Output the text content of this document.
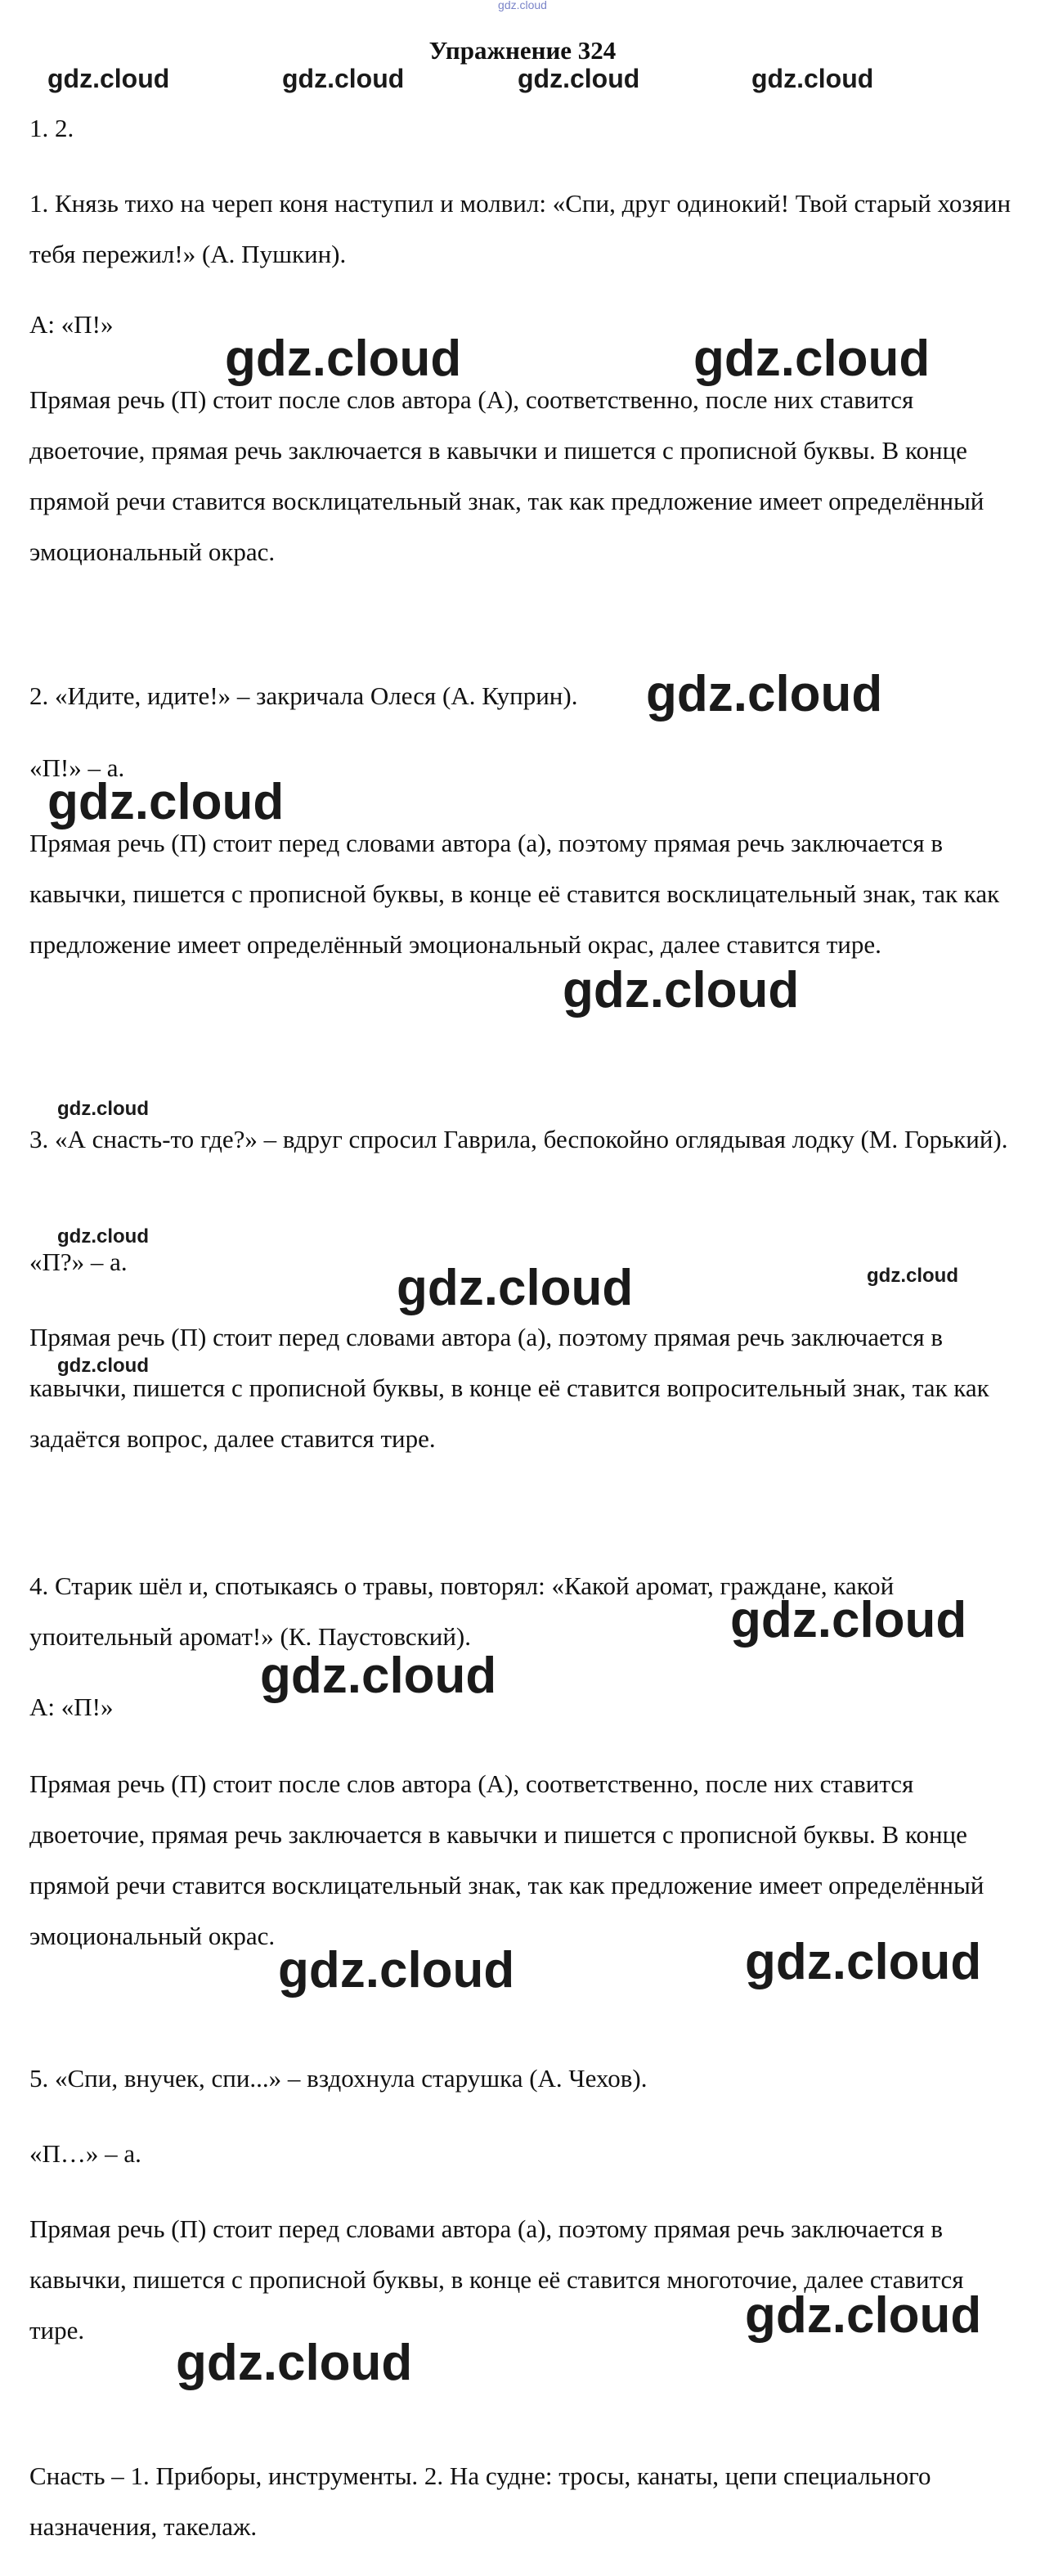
gdz.cloud
Упражнение 324
gdz.cloud	gdz.cloud	gdz.cloud	gdz.cloud
1. 2.
1. Князь тихо на череп коня наступил и молвил: «Спи, друг одинокий! Твой старый хозяин тебя пережил!» (А. Пушкин).
А: «П!»
Прямая речь (П) стоит после слов автора (А), соответственно, после них ставится двоеточие, прямая речь заключается в кавычки и пишется с прописной буквы. В конце прямой речи ставится восклицательный знак, так как предложение имеет определённый эмоциональный окрас.
2. «Идите, идите!» – закричала Олеся (А. Куприн).
«П!» – а.
Прямая речь (П) стоит перед словами автора (а), поэтому прямая речь заключается в кавычки, пишется с прописной буквы, в конце её ставится восклицательный знак, так как предложение имеет определённый эмоциональный окрас, далее ставится тире.
3. «А снасть-то где?» – вдруг спросил Гаврила, беспокойно оглядывая лодку (М. Горький).
«П?» – а.
Прямая речь (П) стоит перед словами автора (а), поэтому прямая речь заключается в кавычки, пишется с прописной буквы, в конце её ставится вопросительный знак, так как задаётся вопрос, далее ставится тире.
4. Старик шёл и, спотыкаясь о травы, повторял: «Какой аромат, граждане, какой упоительный аромат!» (К. Паустовский).
А: «П!»
Прямая речь (П) стоит после слов автора (А), соответственно, после них ставится двоеточие, прямая речь заключается в кавычки и пишется с прописной буквы. В конце прямой речи ставится восклицательный знак, так как предложение имеет определённый эмоциональный окрас.
5. «Спи, внучек, спи...» – вздохнула старушка (А. Чехов).
«П…» – а.
Прямая речь (П) стоит перед словами автора (а), поэтому прямая речь заключается в кавычки, пишется с прописной буквы, в конце её ставится многоточие, далее ставится тире.
Снасть – 1. Приборы, инструменты. 2. На судне: тросы, канаты, цепи специального назначения, такелаж.
gdz.cloud	gdz.cloud
gdz.cloud
gdz.cloud
gdz.cloud
gdz.cloud
gdz.cloud
gdz.cloud
gdz.cloud	gdz.cloud
gdz.cloud
gdz.cloud
gdz.cloud
gdz.cloud
gdz.cloud
gdz.cloud
